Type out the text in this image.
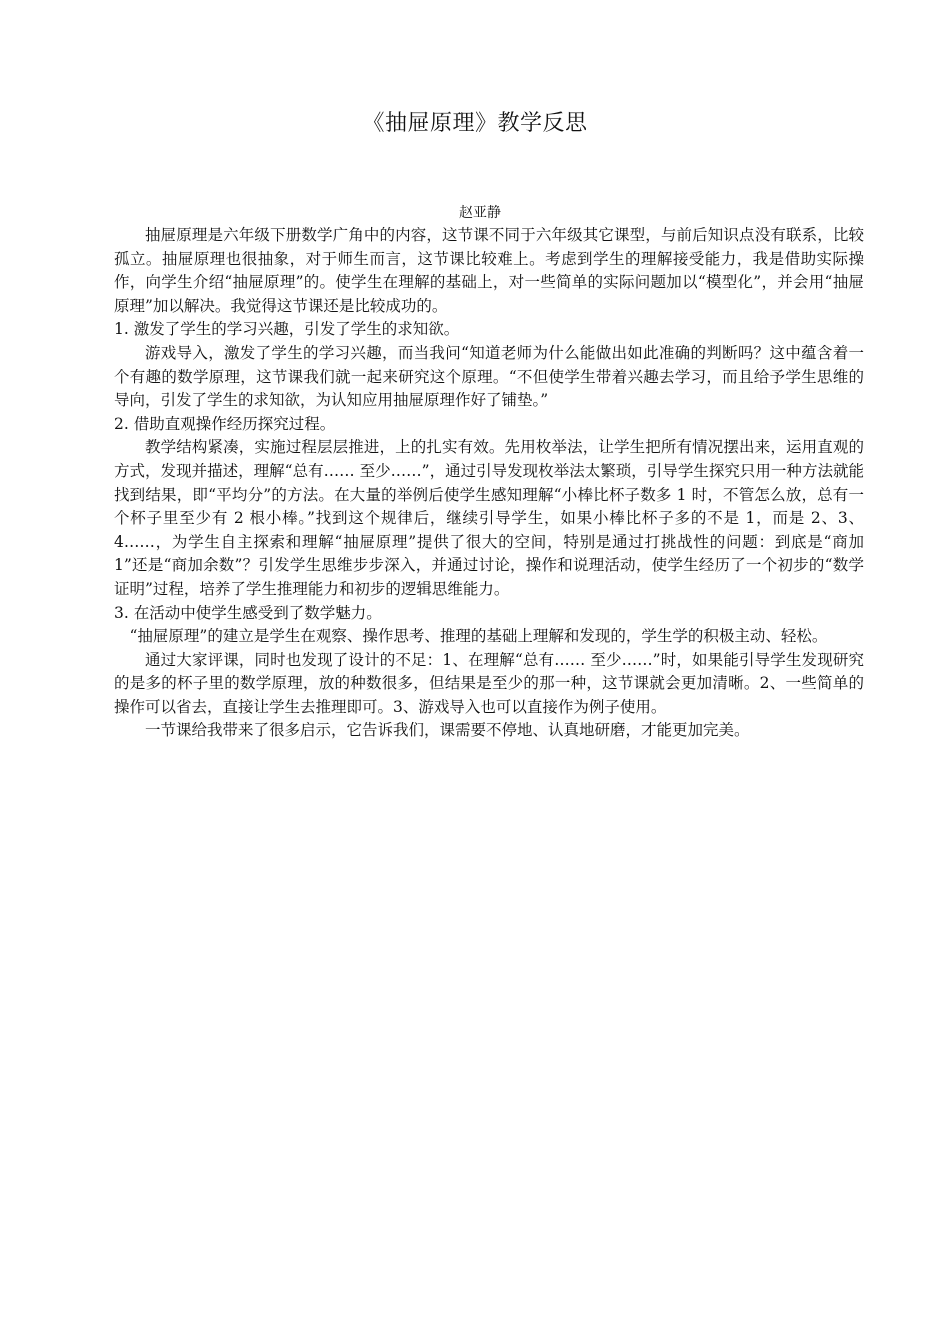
《抽屉原理》教学反思
赵亚静

抽屉原理是六年级下册数学广角中的内容，这节课不同于六年级其它课型，与前后知识点没有联系，比较孤立。抽屉原理也很抽象，对于师生而言，这节课比较难上。考虑到学生的理解接受能力，我是借助实际操作，向学生介绍“抽屉原理”的。使学生在理解的基础上，对一些简单的实际问题加以“模型化”，并会用“抽屉原理”加以解决。我觉得这节课还是比较成功的。

1. 激发了学生的学习兴趣，引发了学生的求知欲。

游戏导入，激发了学生的学习兴趣，而当我问“知道老师为什么能做出如此准确的判断吗？这中蕴含着一个有趣的数学原理，这节课我们就一起来研究这个原理。“不但使学生带着兴趣去学习，而且给予学生思维的导向，引发了学生的求知欲，为认知应用抽屉原理作好了铺垫。”

2. 借助直观操作经历探究过程。

教学结构紧凑，实施过程层层推进，上的扎实有效。先用枚举法，让学生把所有情况摆出来，运用直观的方式，发现并描述，理解“总有…… 至少……”，通过引导发现枚举法太繁琐，引导学生探究只用一种方法就能找到结果，即“平均分”的方法。在大量的举例后使学生感知理解“小棒比杯子数多 1 时，不管怎么放，总有一个杯子里至少有 2 根小棒。”找到这个规律后，继续引导学生，如果小棒比杯子多的不是 1，而是 2、3、4……，为学生自主探索和理解“抽屉原理”提供了很大的空间，特别是通过打挑战性的问题：到底是“商加 1”还是“商加余数”？引发学生思维步步深入，并通过讨论，操作和说理活动，使学生经历了一个初步的“数学证明”过程，培养了学生推理能力和初步的逻辑思维能力。

3. 在活动中使学生感受到了数学魅力。

“抽屉原理”的建立是学生在观察、操作思考、推理的基础上理解和发现的，学生学的积极主动、轻松。

通过大家评课，同时也发现了设计的不足：1、在理解“总有…… 至少……”时，如果能引导学生发现研究的是多的杯子里的数学原理，放的种数很多，但结果是至少的那一种，这节课就会更加清晰。2、一些简单的操作可以省去，直接让学生去推理即可。3、游戏导入也可以直接作为例子使用。

一节课给我带来了很多启示，它告诉我们，课需要不停地、认真地研磨，才能更加完美。
